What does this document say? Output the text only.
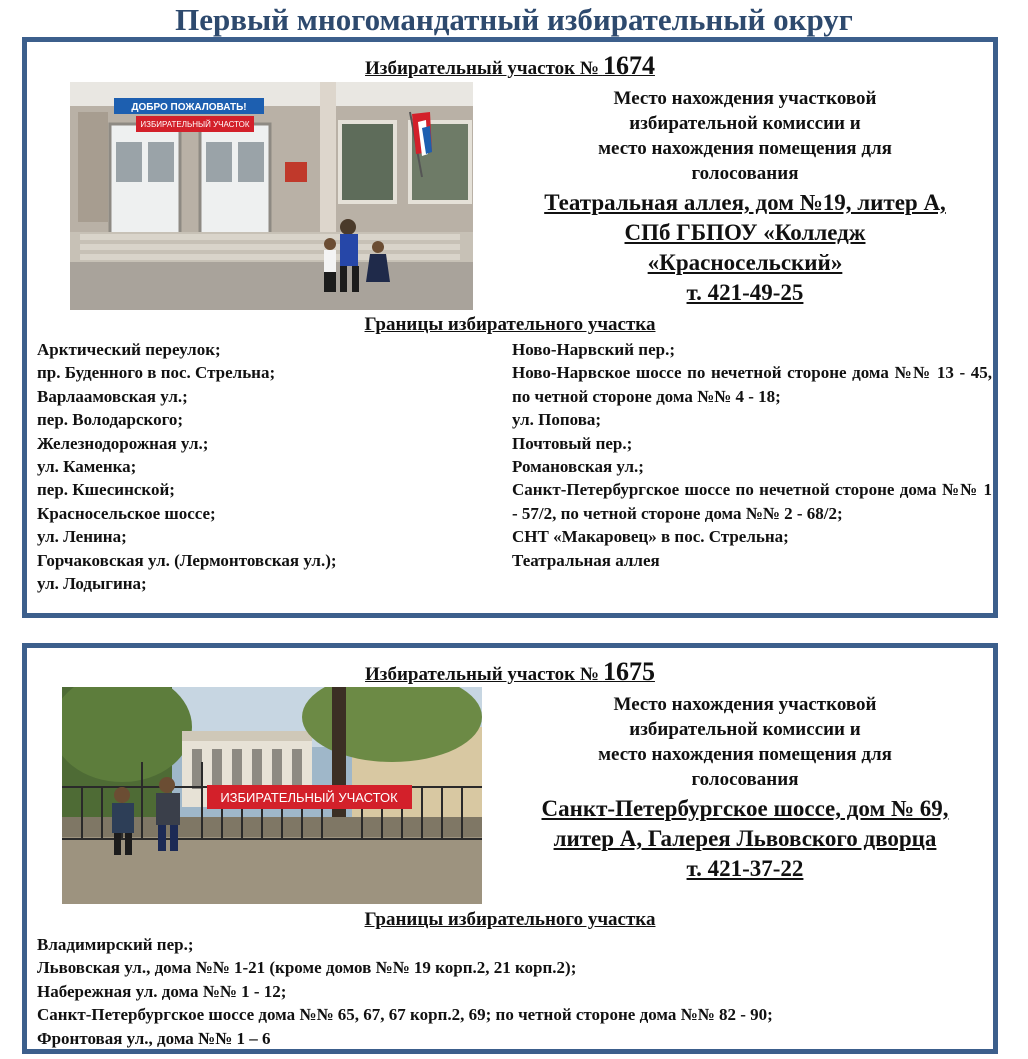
Первый многомандатный избирательный округ
Избирательный участок № 1674
ДОБРО ПОЖАЛОВАТЬ!
ИЗБИРАТЕЛЬНЫЙ УЧАСТОК
Место нахождения участковой
избирательной комиссии и
место нахождения помещения для
голосования
Театральная аллея, дом №19, литер А,
СПб ГБПОУ «Колледж
«Красносельский»
т. 421-49-25
Границы избирательного участка
Арктический переулок;
пр. Буденного в пос. Стрельна;
Варлаамовская ул.;
пер. Володарского;
Железнодорожная ул.;
ул. Каменка;
пер. Кшесинской;
Красносельское шоссе;
ул. Ленина;
Горчаковская ул. (Лермонтовская ул.);
ул. Лодыгина;
Ново-Нарвский пер.;
Ново-Нарвское шоссе по нечетной стороне дома №№ 13 - 45, по четной стороне дома №№ 4 - 18;
ул. Попова;
Почтовый пер.;
Романовская ул.;
Санкт-Петербургское шоссе по нечетной стороне дома №№ 1 - 57/2, по четной стороне дома №№ 2 - 68/2;
СНТ «Макаровец» в пос. Стрельна;
Театральная аллея
Избирательный участок № 1675
ИЗБИРАТЕЛЬНЫЙ УЧАСТОК
Место нахождения участковой
избирательной комиссии и
место нахождения помещения для
голосования
Санкт-Петербургское шоссе, дом № 69,
литер А, Галерея Львовского дворца
т. 421-37-22
Границы избирательного участка
Владимирский пер.;
Львовская ул., дома №№ 1-21 (кроме домов №№ 19 корп.2, 21 корп.2);
Набережная ул. дома №№ 1 - 12;
Санкт-Петербургское шоссе дома №№ 65, 67, 67 корп.2, 69; по четной стороне дома №№ 82 - 90;
Фронтовая ул., дома №№ 1 – 6
